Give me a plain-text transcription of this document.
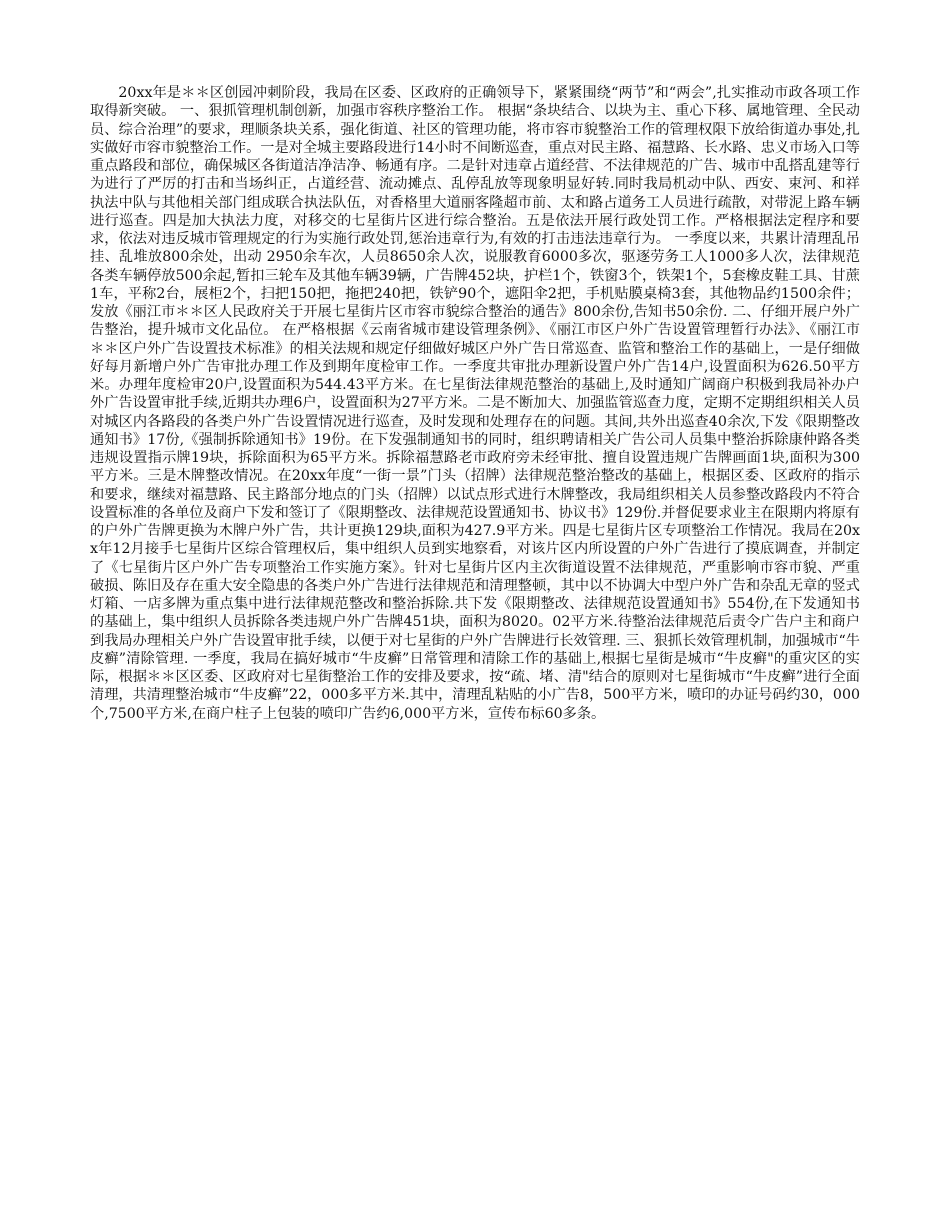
20xx年是＊＊区创园冲刺阶段，我局在区委、区政府的正确领导下，紧紧围绕“两节”和“两会”,扎实推动市政各项工作取得新突破。 一、狠抓管理机制创新，加强市容秩序整治工作。 根据“条块结合、以块为主、重心下移、属地管理、全民动员、综合治理”的要求，理顺条块关系，强化街道、社区的管理功能，将市容市貌整治工作的管理权限下放给街道办事处,扎实做好市容市貌整治工作。一是对全城主要路段进行14小时不间断巡查，重点对民主路、福慧路、长水路、忠义市场入口等重点路段和部位，确保城区各街道洁净洁净、畅通有序。二是针对违章占道经营、不法律规范的广告、城市中乱搭乱建等行为进行了严厉的打击和当场纠正，占道经营、流动摊点、乱停乱放等现象明显好转.同时我局机动中队、西安、束河、和祥执法中队与其他相关部门组成联合执法队伍，对香格里大道丽客隆超市前、太和路占道务工人员进行疏散，对带泥上路车辆进行巡查。四是加大执法力度，对移交的七星街片区进行综合整治。五是依法开展行政处罚工作。严格根据法定程序和要求，依法对违反城市管理规定的行为实施行政处罚,惩治违章行为,有效的打击违法违章行为。 一季度以来，共累计清理乱吊挂、乱堆放800余处，出动 2950余车次，人员8650余人次，说服教育6000多次，驱逐劳务工人1000多人次，法律规范各类车辆停放500余起,暂扣三轮车及其他车辆39辆，广告牌452块，护栏1个，铁窗3个，铁架1个，5套橡皮鞋工具、甘蔗1车，平称2台，展柜2个，扫把150把，拖把240把，铁铲90个，遮阳伞2把，手机贴膜桌椅3套，其他物品约1500余件；发放《丽江市＊＊区人民政府关于开展七星街片区市容市貌综合整治的通告》800余份,告知书50余份. 二、仔细开展户外广告整治，提升城市文化品位。 在严格根据《云南省城市建设管理条例》、《丽江市区户外广告设置管理暂行办法》、《丽江市＊＊区户外广告设置技术标准》的相关法规和规定仔细做好城区户外广告日常巡查、监管和整治工作的基础上，一是仔细做好每月新增户外广告审批办理工作及到期年度检审工作。一季度共审批办理新设置户外广告14户,设置面积为626.50平方米。办理年度检审20户,设置面积为544.43平方米。在七星街法律规范整治的基础上,及时通知广阔商户积极到我局补办户外广告设置审批手续,近期共办理6户，设置面积为27平方米。二是不断加大、加强监管巡查力度，定期不定期组织相关人员对城区内各路段的各类户外广告设置情况进行巡查，及时发现和处理存在的问题。其间,共外出巡查40余次,下发《限期整改通知书》17份,《强制拆除通知书》19份。在下发强制通知书的同时，组织聘请相关广告公司人员集中整治拆除康仲路各类违规设置指示牌19块，拆除面积为65平方米。拆除福慧路老市政府旁未经审批、擅自设置违规广告牌画面1块,面积为300平方米。三是木牌整改情况。在20xx年度“一街一景”门头（招牌）法律规范整治整改的基础上，根据区委、区政府的指示和要求，继续对福慧路、民主路部分地点的门头（招牌）以试点形式进行木牌整改，我局组织相关人员参整改路段内不符合设置标准的各单位及商户下发和签订了《限期整改、法律规范设置通知书、协议书》129份.并督促要求业主在限期内将原有的户外广告牌更换为木牌户外广告，共计更换129块,面积为427.9平方米。四是七星街片区专项整治工作情况。我局在20xx年12月接手七星街片区综合管理权后，集中组织人员到实地察看，对该片区内所设置的户外广告进行了摸底调查，并制定了《七星街片区户外广告专项整治工作实施方案》。针对七星街片区内主次街道设置不法律规范，严重影响市容市貌、严重破损、陈旧及存在重大安全隐患的各类户外广告进行法律规范和清理整顿，其中以不协调大中型户外广告和杂乱无章的竖式灯箱、一店多牌为重点集中进行法律规范整改和整治拆除.共下发《限期整改、法律规范设置通知书》554份,在下发通知书的基础上，集中组织人员拆除各类违规户外广告牌451块，面积为8020。02平方米.待整治法律规范后责令广告户主和商户到我局办理相关户外广告设置审批手续，以便于对七星街的户外广告牌进行长效管理. 三、狠抓长效管理机制，加强城市“牛皮癣”清除管理. 一季度，我局在搞好城市“牛皮癣”日常管理和清除工作的基础上,根据七星街是城市“牛皮癣"的重灾区的实际，根据＊＊区区委、区政府对七星街整治工作的安排及要求，按“疏、堵、清"结合的原则对七星街城市“牛皮癣”进行全面清理，共清理整治城市“牛皮癣”22，000多平方米.其中，清理乱粘贴的小广告8，500平方米，喷印的办证号码约30，000个,7500平方米,在商户柱子上包装的喷印广告约6,000平方米，宣传布标60多条。
